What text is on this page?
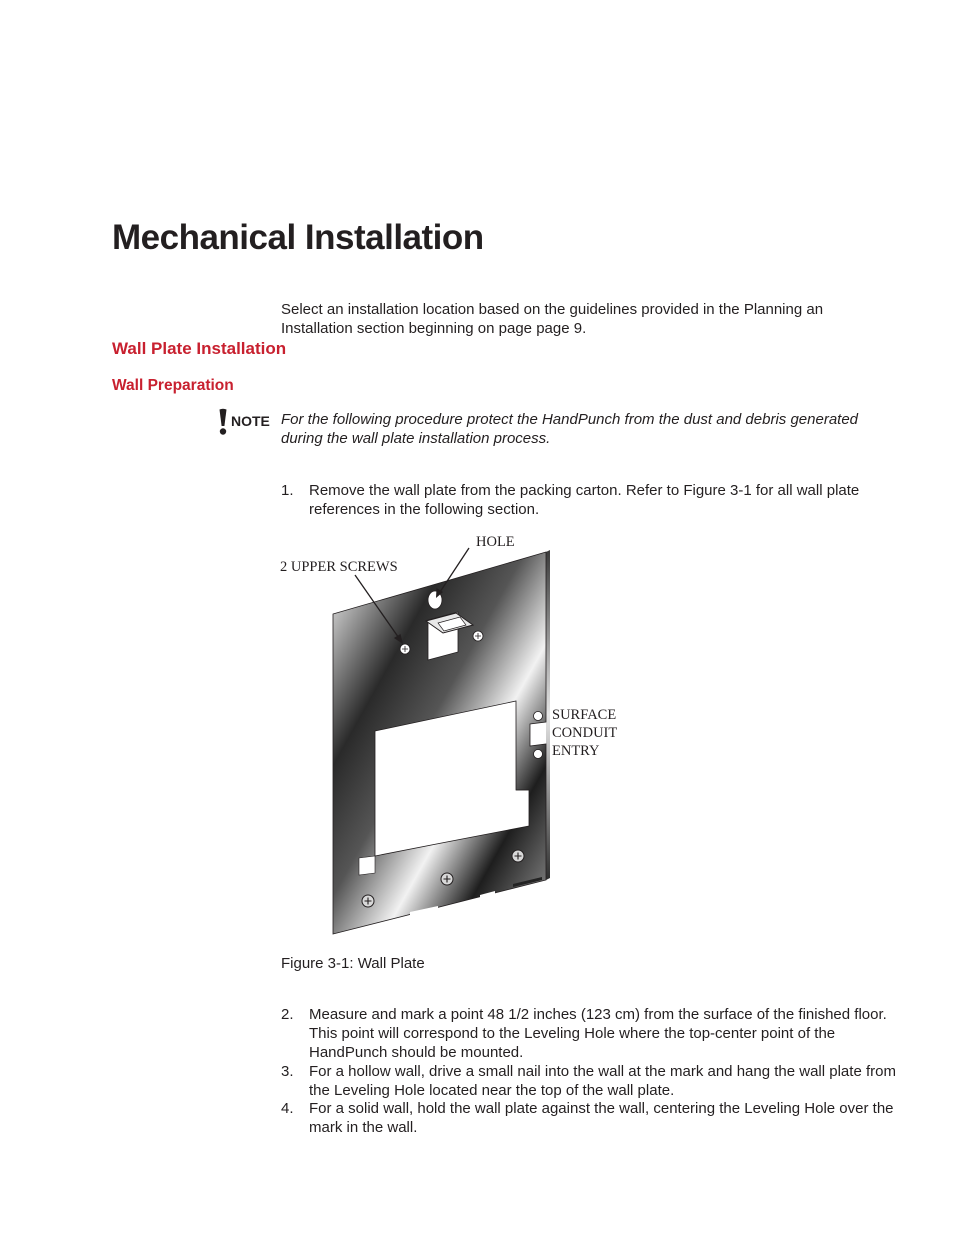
Mechanical Installation
Select an installation location based on the guidelines provided in the Planning an Installation section beginning on page page 9.
Wall Plate Installation
Wall Preparation
NOTE For the following procedure protect the HandPunch from the dust and debris generated during the wall plate installation process.
1. Remove the wall plate from the packing carton. Refer to Figure 3-1 for all wall plate references in the following section.
HOLE
2 UPPER SCREWS
SURFACE
CONDUIT
ENTRY
Figure 3-1: Wall Plate
2. Measure and mark a point 48 1/2 inches (123 cm) from the surface of the finished floor. This point will correspond to the Leveling Hole where the top-center point of the HandPunch should be mounted.
3. For a hollow wall, drive a small nail into the wall at the mark and hang the wall plate from the Leveling Hole located near the top of the wall plate.
4. For a solid wall, hold the wall plate against the wall, centering the Leveling Hole over the mark in the wall.
